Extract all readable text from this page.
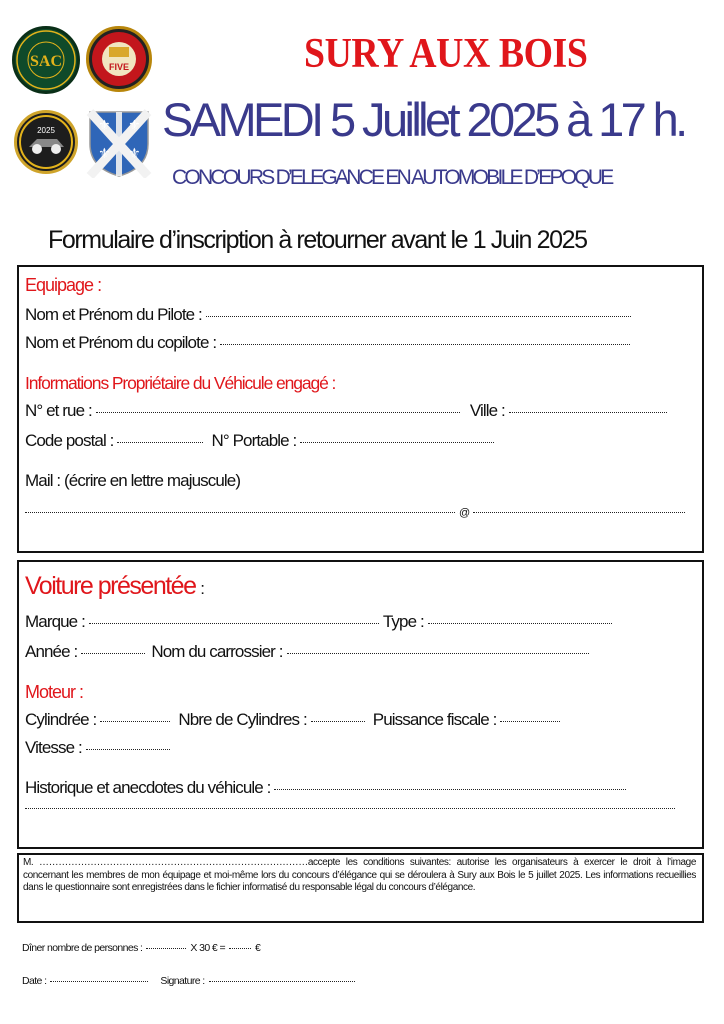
SAC	FIVE
2025	⚜ ⚜
⚜ ⚜
SURY AUX BOIS
SAMEDI 5 Juillet 2025 à 17 h.
CONCOURS D’ELEGANCE EN AUTOMOBILE D’EPOQUE
Formulaire d’inscription à retourner avant le 1 Juin 2025
Equipage :
Nom et Prénom du Pilote :
Nom et Prénom du copilote :
Informations Propriétaire du Véhicule engagé :
N° et rue :	Ville :
Code postal :	N° Portable :
Mail : (écrire en lettre majuscule)
@
Voiture présentée :
Marque :	Type :
Année :	Nom du carrossier :
Moteur :
Cylindrée :	Nbre de Cylindres :	Puissance fiscale :
Vitesse :
Historique et anecdotes du véhicule :
M. …………………………………………………………………………accepte les conditions suivantes: autorise les organisateurs à exercer le droit à l’image concernant les membres de mon équipage et moi-même lors du concours d’élégance qui se déroulera à Sury aux Bois le 5 juillet 2025. Les informations recueillies dans le questionnaire sont enregistrées dans le fichier informatisé du responsable légal du concours d’élégance.
Dîner nombre de personnes :	X 30 € =	€
Date :	Signature :
